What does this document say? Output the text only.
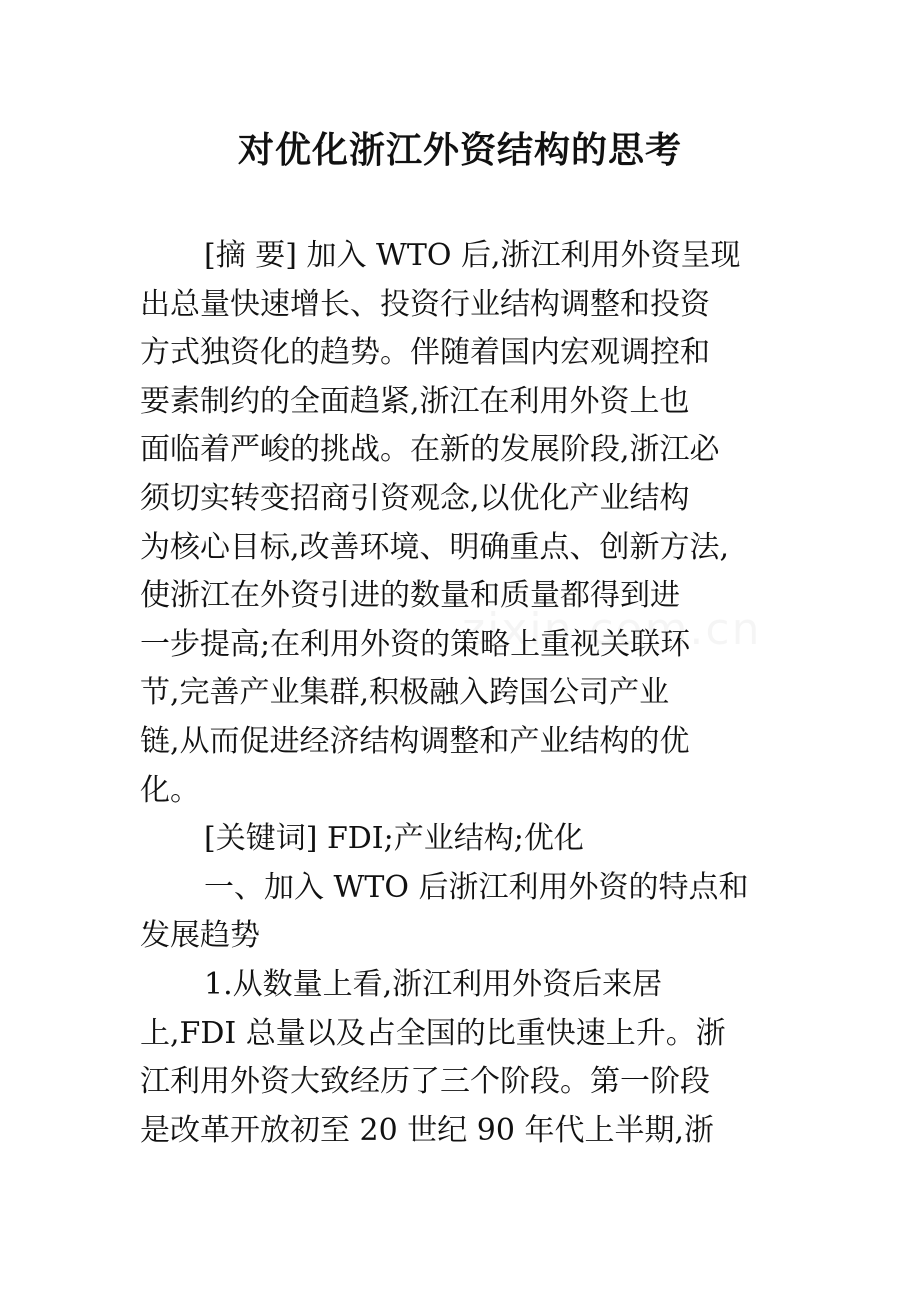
对优化浙江外资结构的思考

[摘 要] 加入 WTO 后,浙江利用外资呈现

出总量快速增长、投资行业结构调整和投资

方式独资化的趋势。伴随着国内宏观调控和

要素制约的全面趋紧,浙江在利用外资上也

面临着严峻的挑战。在新的发展阶段,浙江必

须切实转变招商引资观念,以优化产业结构

为核心目标,改善环境、明确重点、创新方法,

使浙江在外资引进的数量和质量都得到进

一步提高;在利用外资的策略上重视关联环

节,完善产业集群,积极融入跨国公司产业

链,从而促进经济结构调整和产业结构的优

化。

[关键词] FDI;产业结构;优化

一、加入 WTO 后浙江利用外资的特点和

发展趋势

1.从数量上看,浙江利用外资后来居

上,FDI 总量以及占全国的比重快速上升。浙

江利用外资大致经历了三个阶段。第一阶段

是改革开放初至 20 世纪 90 年代上半期,浙
